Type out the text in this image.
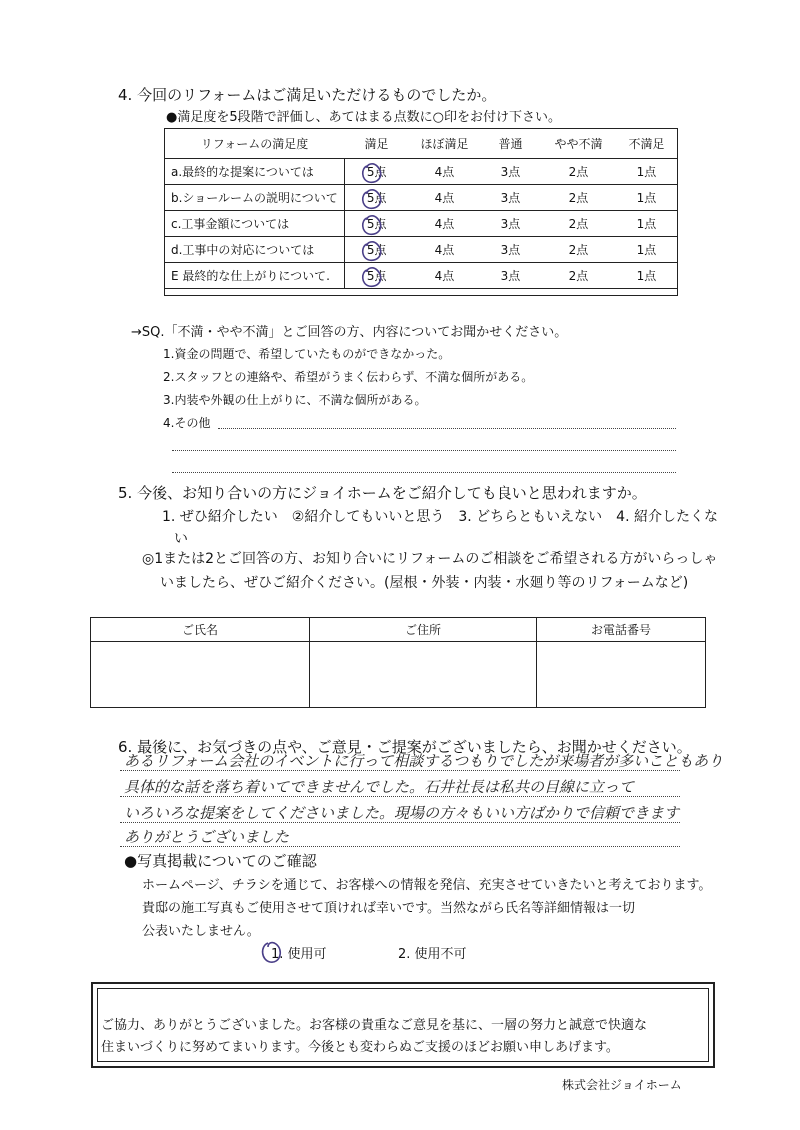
4. 今回のリフォームはご満足いただけるものでしたか。
●満足度を5段階で評価し、あてはまる点数に○印をお付け下さい。
リフォームの満足度	満足	ほぼ満足	普通	やや不満	不満足
a.最終的な提案については	5点	4点	3点	2点	1点
b.ショールームの説明について	5点	4点	3点	2点	1点
c.工事金額については	5点	4点	3点	2点	1点
d.工事中の対応については	5点	4点	3点	2点	1点
E 最終的な仕上がりについて.	5点	4点	3点	2点	1点
→SQ.「不満・やや不満」とご回答の方、内容についてお聞かせください。
1.資金の問題で、希望していたものができなかった。
2.スタッフとの連絡や、希望がうまく伝わらず、不満な個所がある。
3.内装や外観の仕上がりに、不満な個所がある。
4.その他
5. 今後、お知り合いの方にジョイホームをご紹介しても良いと思われますか。
1. ぜひ紹介したい　②紹介してもいいと思う　3. どちらともいえない　4. 紹介したくな
い
◎1または2とご回答の方、お知り合いにリフォームのご相談をご希望される方がいらっしゃ
いましたら、ぜひご紹介ください。(屋根・外装・内装・水廻り等のリフォームなど)
ご氏名	ご住所	お電話番号

6. 最後に、お気づきの点や、ご意見・ご提案がございましたら、お聞かせください。
あるリフォーム会社のイベントに行って相談するつもりでしたが来場者が多いこともあり
具体的な話を落ち着いてできませんでした。石井社長は私共の目線に立って
いろいろな提案をしてくださいました。現場の方々もいい方ばかりで信頼できます
ありがとうございました
●写真掲載についてのご確認
ホームページ、チラシを通じて、お客様への情報を発信、充実させていきたいと考えております。
貴邸の施工写真もご使用させて頂ければ幸いです。当然ながら氏名等詳細情報は一切
公表いたしません。
1. 使用可	2. 使用不可
ご協力、ありがとうございました。お客様の貴重なご意見を基に、一層の努力と誠意で快適な
住まいづくりに努めてまいります。今後とも変わらぬご支援のほどお願い申しあげます。
株式会社ジョイホーム
